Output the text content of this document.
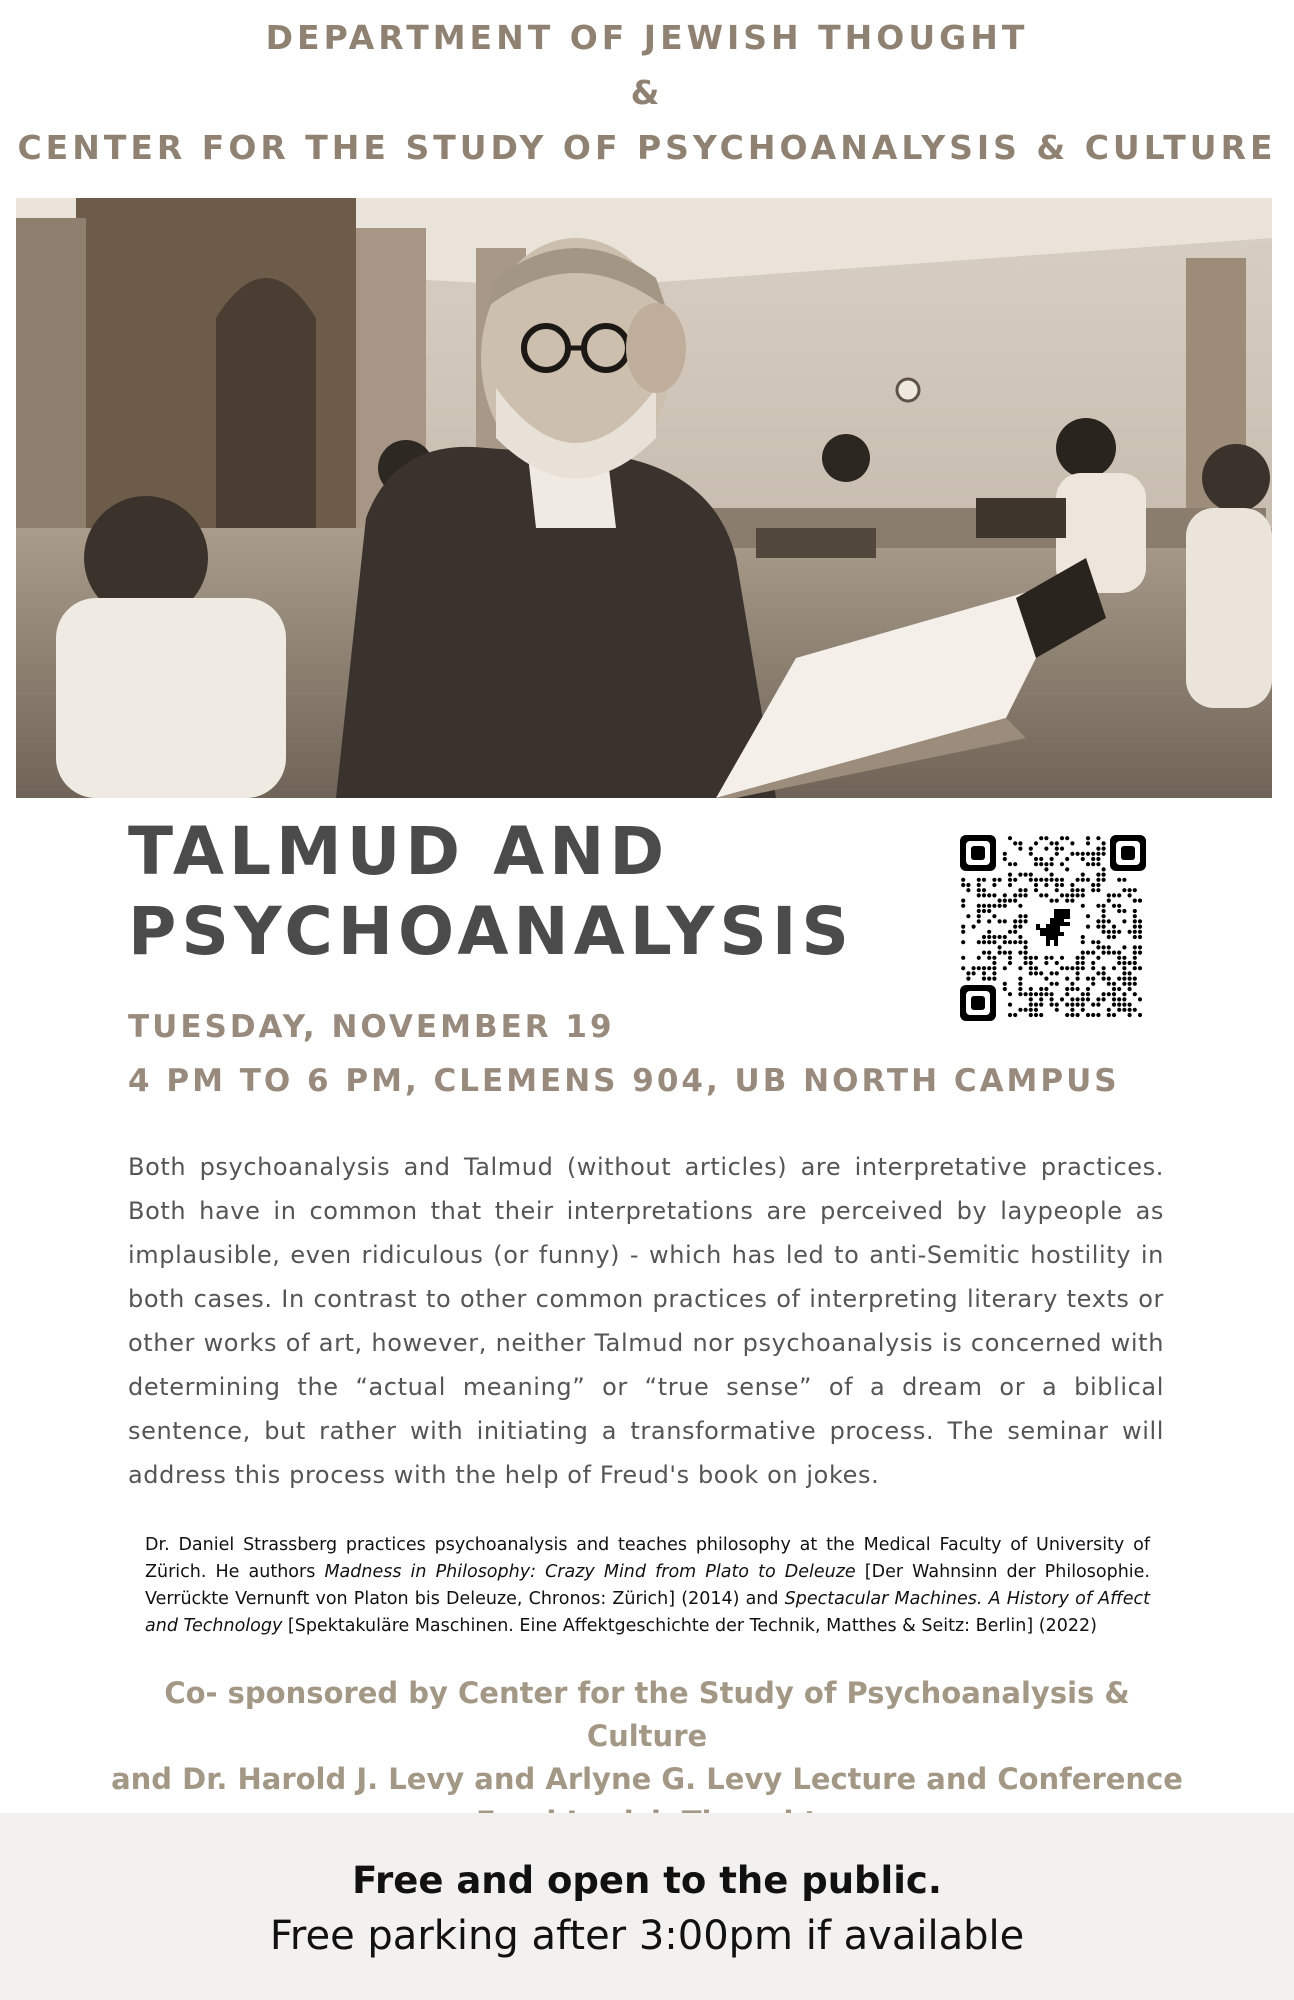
DEPARTMENT OF JEWISH THOUGHT
&
CENTER FOR THE STUDY OF PSYCHOANALYSIS & CULTURE
TALMUD AND
PSYCHOANALYSIS
TUESDAY, NOVEMBER 19
4 PM TO 6 PM, CLEMENS 904, UB NORTH CAMPUS

Both psychoanalysis and Talmud (without articles) are interpretative practices. Both have in common that their interpretations are perceived by laypeople as implausible, even ridiculous (or funny) - which has led to anti-Semitic hostility in both cases. In contrast to other common practices of interpreting literary texts or other works of art, however, neither Talmud nor psychoanalysis is concerned with determining the “actual meaning” or “true sense” of a dream or a biblical sentence, but rather with initiating a transformative process. The seminar will address this process with the help of Freud's book on jokes.

Dr. Daniel Strassberg practices psychoanalysis and teaches philosophy at the Medical Faculty of University of Zürich. He authors Madness in Philosophy: Crazy Mind from Plato to Deleuze [Der Wahnsinn der Philosophie. Verrückte Vernunft von Platon bis Deleuze, Chronos: Zürich] (2014) and Spectacular Machines. A History of Affect and Technology [Spektakuläre Maschinen. Eine Affektgeschichte der Technik, Matthes & Seitz: Berlin] (2022)

Co- sponsored by Center for the Study of Psychoanalysis & Culture
and Dr. Harold J. Levy and Arlyne G. Levy Lecture and Conference
Free and open to the public.
Free parking after 3:00pm if available
